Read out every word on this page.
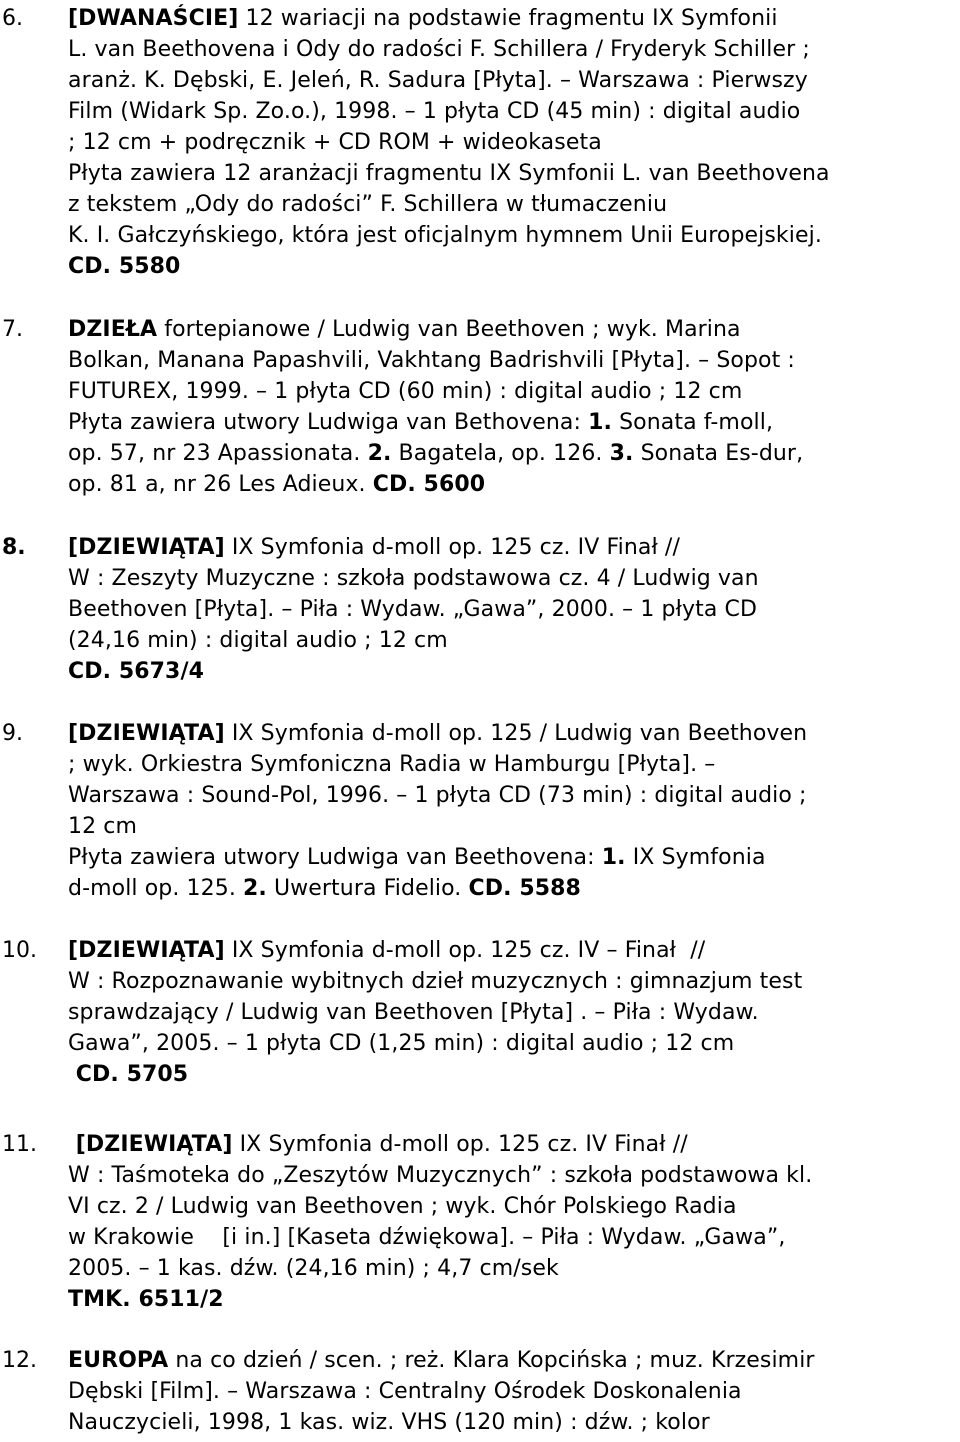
6. [DWANAŚCIE] 12 wariacji na podstawie fragmentu IX Symfonii
L. van Beethovena i Ody do radości F. Schillera / Fryderyk Schiller ;
aranż. K. Dębski, E. Jeleń, R. Sadura [Płyta]. – Warszawa : Pierwszy
Film (Widark Sp. Zo.o.), 1998. – 1 płyta CD (45 min) : digital audio
; 12 cm + podręcznik + CD ROM + wideokaseta
Płyta zawiera 12 aranżacji fragmentu IX Symfonii L. van Beethovena
z tekstem „Ody do radości” F. Schillera w tłumaczeniu
K. I. Gałczyńskiego, która jest oficjalnym hymnem Unii Europejskiej.
CD. 5580
7. DZIEŁA fortepianowe / Ludwig van Beethoven ; wyk. Marina
Bolkan, Manana Papashvili, Vakhtang Badrishvili [Płyta]. – Sopot :
FUTUREX, 1999. – 1 płyta CD (60 min) : digital audio ; 12 cm
Płyta zawiera utwory Ludwiga van Bethovena: 1. Sonata f-moll,
op. 57, nr 23 Apassionata. 2. Bagatela, op. 126. 3. Sonata Es-dur,
op. 81 a, nr 26 Les Adieux. CD. 5600
8. [DZIEWIĄTA] IX Symfonia d-moll op. 125 cz. IV Finał //
W : Zeszyty Muzyczne : szkoła podstawowa cz. 4 / Ludwig van
Beethoven [Płyta]. – Piła : Wydaw. „Gawa”, 2000. – 1 płyta CD
(24,16 min) : digital audio ; 12 cm
CD. 5673/4
9. [DZIEWIĄTA] IX Symfonia d-moll op. 125 / Ludwig van Beethoven
; wyk. Orkiestra Symfoniczna Radia w Hamburgu [Płyta]. –
Warszawa : Sound-Pol, 1996. – 1 płyta CD (73 min) : digital audio ;
12 cm
Płyta zawiera utwory Ludwiga van Beethovena: 1. IX Symfonia
d-moll op. 125. 2. Uwertura Fidelio. CD. 5588
10. [DZIEWIĄTA] IX Symfonia d-moll op. 125 cz. IV – Finał  //
W : Rozpoznawanie wybitnych dzieł muzycznych : gimnazjum test
sprawdzający / Ludwig van Beethoven [Płyta] . – Piła : Wydaw.
Gawa”, 2005. – 1 płyta CD (1,25 min) : digital audio ; 12 cm
CD. 5705
11. [DZIEWIĄTA] IX Symfonia d-moll op. 125 cz. IV Finał //
W : Taśmoteka do „Zeszytów Muzycznych” : szkoła podstawowa kl.
VI cz. 2 / Ludwig van Beethoven ; wyk. Chór Polskiego Radia
w Krakowie    [i in.] [Kaseta dźwiękowa]. – Piła : Wydaw. „Gawa”,
2005. – 1 kas. dźw. (24,16 min) ; 4,7 cm/sek
TMK. 6511/2
12. EUROPA na co dzień / scen. ; reż. Klara Kopcińska ; muz. Krzesimir
Dębski [Film]. – Warszawa : Centralny Ośrodek Doskonalenia
Nauczycieli, 1998, 1 kas. wiz. VHS (120 min) : dźw. ; kolor
